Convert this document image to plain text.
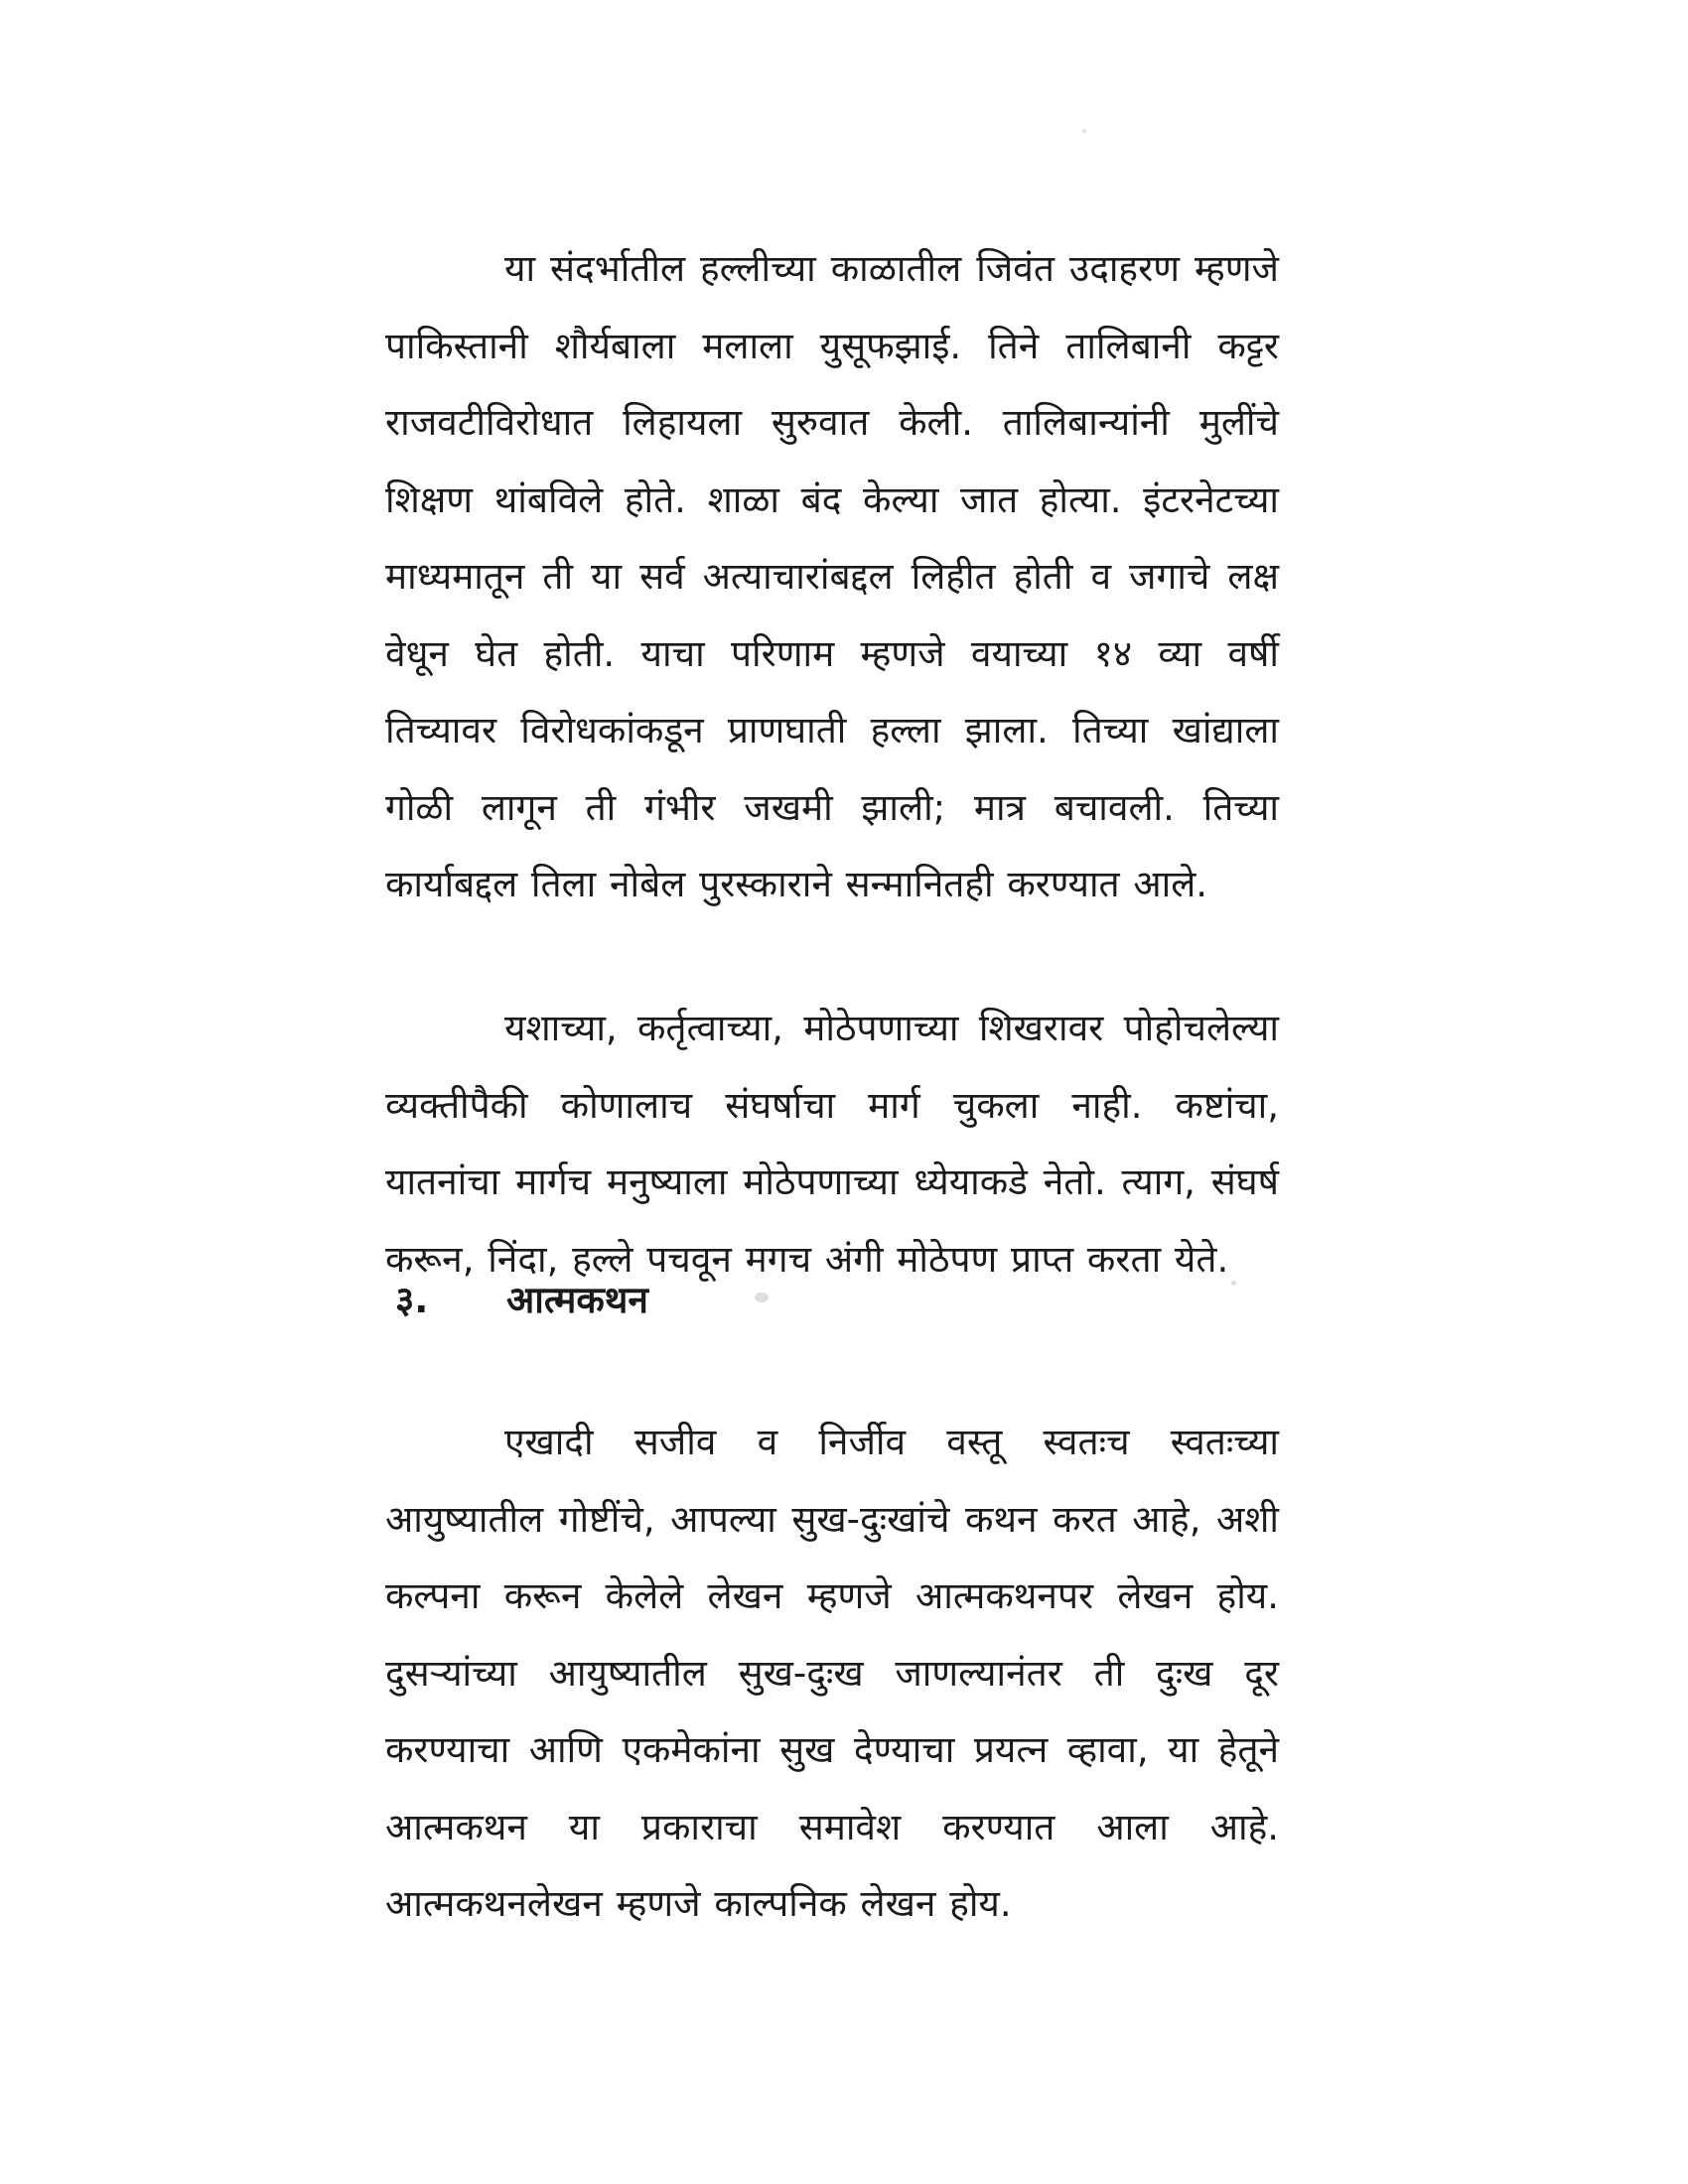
या संदर्भातील हल्लीच्या काळातील जिवंत उदाहरण म्हणजे पाकिस्तानी शौर्यबाला मलाला युसूफझाई. तिने तालिबानी कट्टर राजवटीविरोधात लिहायला सुरुवात केली. तालिबान्यांनी मुलींचे शिक्षण थांबविले होते. शाळा बंद केल्या जात होत्या. इंटरनेटच्या माध्यमातून ती या सर्व अत्याचारांबद्दल लिहीत होती व जगाचे लक्ष वेधून घेत होती. याचा परिणाम म्हणजे वयाच्या १४ व्या वर्षी तिच्यावर विरोधकांकडून प्राणघाती हल्ला झाला. तिच्या खांद्याला गोळी लागून ती गंभीर जखमी झाली; मात्र बचावली. तिच्या कार्याबद्दल तिला नोबेल पुरस्काराने सन्मानितही करण्यात आले.

यशाच्या, कर्तृत्वाच्या, मोठेपणाच्या शिखरावर पोहोचलेल्या व्यक्तीपैकी कोणालाच संघर्षाचा मार्ग चुकला नाही. कष्टांचा, यातनांचा मार्गच मनुष्याला मोठेपणाच्या ध्येयाकडे नेतो. त्याग, संघर्ष करून, निंदा, हल्ले पचवून मगच अंगी मोठेपण प्राप्त करता येते.

३.	आत्मकथन

एखादी सजीव व निर्जीव वस्तू स्वतःच स्वतःच्या आयुष्यातील गोष्टींचे, आपल्या सुख-दुःखांचे कथन करत आहे, अशी कल्पना करून केलेले लेखन म्हणजे आत्मकथनपर लेखन होय. दुसऱ्यांच्या आयुष्यातील सुख-दुःख जाणल्यानंतर ती दुःख दूर करण्याचा आणि एकमेकांना सुख देण्याचा प्रयत्न व्हावा, या हेतूने आत्मकथन या प्रकाराचा समावेश करण्यात आला आहे. आत्मकथनलेखन म्हणजे काल्पनिक लेखन होय.
